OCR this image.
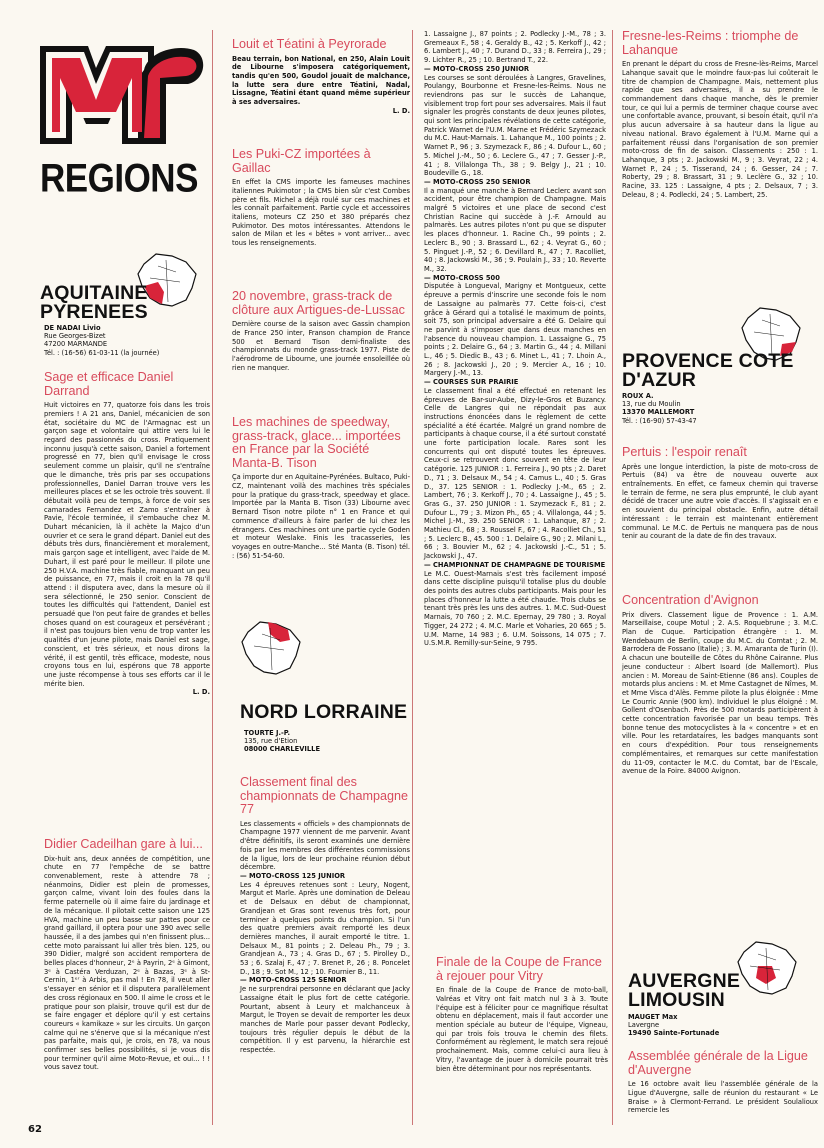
REGIONS

AQUITAINE PYRENEES

DE NADAI Livio

Rue Georges-Bizet

47200 MARMANDE

Tél. : (16-56) 61-03-11 (la journée)

Sage et efficace Daniel Darrand

Huit victoires en 77, quatorze fois dans les trois premiers ! A 21 ans, Daniel, mécanicien de son état, sociétaire du MC de l'Armagnac est un garçon sage et volontaire qui attire vers lui le regard des passionnés du cross. Pratiquement inconnu jusqu'à cette saison, Daniel a fortement progressé en 77, bien qu'il envisage le cross seulement comme un plaisir, qu'il ne s'entraîne que le dimanche, très pris par ses occupations professionnelles, Daniel Darran trouve vers les meilleures places et se les octroie très souvent. Il débutait voilà peu de temps, à force de voir ses camarades Fernandez et Zamo s'entraîner à Pavie, l'école terminée, il s'embauche chez M. Duhart mécanicien, là il achète la Majco d'un ouvrier et ce sera le grand départ. Daniel eut des débuts très durs, financièrement et moralement, mais garçon sage et intelligent, avec l'aide de M. Duhart, il est paré pour le meilleur. Il pilote une 250 H.V.A. machine très fiable, manquant un peu de puissance, en 77, mais il croit en la 78 qu'il attend : il disputera avec, dans la mesure où il sera sélectionné, le 250 senior. Conscient de toutes les difficultés qui l'attendent, Daniel est persuadé que l'on peut faire de grandes et belles choses quand on est courageux et persévérant ; il n'est pas toujours bien venu de trop vanter les qualités d'un jeune pilote, mais Daniel est sage, conscient, et très sérieux, et nous dirons la vérité, il est gentil, très efficace, modeste, nous croyons tous en lui, espérons que 78 apporte une juste récompense à tous ses efforts car il le mérite bien.

L. D.

Didier Cadeilhan gare à lui...

Dix-huit ans, deux années de compétition, une chute en 77 l'empêche de se battre convenablement, reste à attendre 78 ; néanmoins, Didier est plein de promesses, garçon calme, vivant loin des foules dans la ferme paternelle où il aime faire du jardinage et de la mécanique. Il pilotait cette saison une 125 HVA, machine un peu basse sur pattes pour ce grand gaillard, il optera pour une 390 avec selle haussée, il a des jambes qui n'en finissent plus... cette moto paraissant lui aller très bien. 125, ou 390 Didier, malgré son accident remportera de belles places d'honneur, 2ᵉ à Payrin, 2ᵉ à Gimont, 3ᵉ à Castéra Verduzan, 2ᵉ à Bazas, 3ᵉ à St-Cernin, 1ᵉʳ à Arbis, pas mal ! En 78, il veut aller s'essayer en sénior et il disputera parallèlement des cross régionaux en 500. Il aime le cross et le pratique pour son plaisir, trouve qu'il est dur de se faire engager et déplore qu'il y est certains coureurs « kamikaze » sur les circuits. Un garçon calme qui ne s'énerve que si la mécanique n'est pas parfaite, mais qui, je crois, en 78, va nous confirmer ses belles possibilités, si je vous dis pour terminer qu'il aime Moto-Revue, et oui... ! ! vous savez tout.

Louit et Téatini à Peyrorade

Beau terrain, bon National, en 250, Alain Louit de Libourne s'imposera catégoriquement, tandis qu'en 500, Goudol jouait de malchance, la lutte sera dure entre Téatini, Nadal, Lissagne, Téatini étant quand même supérieur à ses adversaires.

L. D.

Les Puki-CZ importées à Gaillac

En effet la CMS importe les fameuses machines italiennes Pukimotor ; la CMS bien sûr c'est Combes père et fils. Michel a déjà roulé sur ces machines et les connaît parfaitement. Partie cycle et accessoires italiens, moteurs CZ 250 et 380 préparés chez Pukimotor. Des motos intéressantes. Attendons le salon de Milan et les « bêtes » vont arriver... avec tous les renseignements.

20 novembre, grass-track de clôture aux Artigues-de-Lussac

Dernière course de la saison avec Gassin champion de France 250 inter, Franson champion de France 500 et Bernard Tison demi-finaliste des championnats du monde grass-track 1977. Piste de l'aérodrome de Libourne, une journée ensoleillée où rien ne manquer.

Les machines de speedway, grass-track, glace... importées en France par la Société Manta-B. Tison

Ça importe dur en Aquitaine-Pyrénées. Bultaco, Puki-CZ, maintenant voilà des machines très spéciales pour la pratique du grass-track, speedway et glace. Importée par la Manta B. Tison (33) Libourne avec Bernard Tison notre pilote n° 1 en France et qui commence d'ailleurs à faire parler de lui chez les étrangers. Ces machines ont une partie cycle Goden et moteur Weslake. Finis les tracasseries, les voyages en outre-Manche... Sté Manta (B. Tison) tél. : (56) 51-54-60.

NORD LORRAINE

TOURTE J.-P.

135, rue d'Etion

08000 CHARLEVILLE

Classement final des championnats de Champagne 77

Les classements « officiels » des championnats de Champagne 1977 viennent de me parvenir. Avant d'être définitifs, ils seront examinés une dernière fois par les membres des différentes commissions de la ligue, lors de leur prochaine réunion début décembre.

— MOTO-CROSS 125 JUNIOR

Les 4 épreuves retenues sont : Leury, Nogent, Margut et Marle. Après une domination de Deleau et de Delsaux en début de championnat, Grandjean et Gras sont revenus très fort, pour terminer à quelques points du champion. Si l'un des quatre premiers avait remporté les deux dernières manches, il aurait emporté le titre. 1. Delsaux M., 81 points ; 2. Deleau Ph., 79 ; 3. Grandjean A., 73 ; 4. Gras D., 67 ; 5. Pirolley D., 53 ; 6. Szalaj F., 47 ; 7. Brenet P., 26 ; 8. Poncelet D., 18 ; 9. Sot M., 12 ; 10. Fournier B., 11.

— MOTO-CROSS 125 SENIOR

Je ne surprendrai personne en déclarant que Jacky Lassaigne était le plus fort de cette catégorie. Pourtant, absent à Leury et malchanceux à Margut, le Troyen se devait de remporter les deux manches de Marle pour passer devant Podlecky, toujours très régulier depuis le début de la compétition. Il y est parvenu, la hiérarchie est respectée.

1. Lassaigne J., 87 points ; 2. Podlecky J.-M., 78 ; 3. Gremeaux F., 58 ; 4. Geraldy B., 42 ; 5. Kerkoff J., 42 ; 6. Lambert J., 40 ; 7. Durand D., 33 ; 8. Ferreira J., 29 ; 9. Lichter R., 25 ; 10. Bertrand T., 22.

— MOTO-CROSS 250 JUNIOR

Les courses se sont déroulées à Langres, Gravelines, Poulangy, Bourbonne et Fresne-les-Reims. Nous ne reviendrons pas sur le succès de Lahanque, visiblement trop fort pour ses adversaires. Mais il faut signaler les progrès constants de deux jeunes pilotes, qui sont les principales révélations de cette catégorie, Patrick Warnet de l'U.M. Marne et Frédéric Szymezack du M.C. Haut-Marnais. 1. Lahanque M., 100 points ; 2. Warnet P., 96 ; 3. Szymezack F., 86 ; 4. Dufour L., 60 ; 5. Michel J.-M., 50 ; 6. Leclere G., 47 ; 7. Gesser J.-P., 41 ; 8. Villalonga Th., 38 ; 9. Belgy J., 21 ; 10. Boudeville G., 18.

— MOTO-CROSS 250 SENIOR

Il a manqué une manche à Bernard Leclerc avant son accident, pour être champion de Champagne. Mais malgré 5 victoires et une place de second c'est Christian Racine qui succède à J.-F. Arnould au palmarès. Les autres pilotes n'ont pu que se disputer les places d'honneur. 1. Racine Ch., 99 points ; 2. Leclerc B., 90 ; 3. Brassard L., 62 ; 4. Veyrat G., 60 ; 5. Pinguet J.-P., 52 ; 6. Devillard R., 47 ; 7. Racolliet, 40 ; 8. Jackowski M., 36 ; 9. Poulain J., 33 ; 10. Reverte M., 32.

— MOTO-CROSS 500

Disputée à Longueval, Marigny et Montgueux, cette épreuve a permis d'inscrire une seconde fois le nom de Lassaigne au palmarès 77. Cette fois-ci, c'est grâce à Gérard qui a totalisé le maximum de points, soit 75, son principal adversaire a été G. Delaire qui ne parvint à s'imposer que dans deux manches en l'absence du nouveau champion. 1. Lassaigne G., 75 points ; 2. Delaire G., 64 ; 3. Martin G., 44 ; 4. Millani L., 46 ; 5. Diedic B., 43 ; 6. Minet L., 41 ; 7. Lhoin A., 26 ; 8. Jackowski J., 20 ; 9. Mercier A., 16 ; 10. Margery J.-M., 13.

— COURSES SUR PRAIRIE

Le classement final a été effectué en retenant les épreuves de Bar-sur-Aube, Dizy-le-Gros et Buzancy. Celle de Langres qui ne répondait pas aux instructions énoncées dans le règlement de cette spécialité a été écartée. Malgré un grand nombre de participants à chaque course, il a été surtout constaté une forte participation locale. Rares sont les concurrents qui ont disputé toutes les épreuves. Ceux-ci se retrouvent donc souvent en tête de leur catégorie. 125 JUNIOR : 1. Ferreira J., 90 pts ; 2. Daret D., 71 ; 3. Delsaux M., 54 ; 4. Camus L., 40 ; 5. Gras D., 37. 125 SENIOR : 1. Podlecky J.-M., 65 ; 2. Lambert, 76 ; 3. Kerkoff J., 70 ; 4. Lassaigne J., 45 ; 5. Gras G., 37. 250 JUNIOR : 1. Szymezack F., 81 ; 2. Dufour L., 79 ; 3. Mizon Ph., 65 ; 4. Villalonga, 44 ; 5. Michel J.-M., 39. 250 SENIOR : 1. Lahanque, 87 ; 2. Mathieu Cl., 68 ; 3. Roussel F., 67 ; 4. Racolliet Ch., 51 ; 5. Leclerc B., 45. 500 : 1. Delaire G., 90 ; 2. Milani L., 66 ; 3. Bouvier M., 62 ; 4. Jackowski J.-C., 51 ; 5. Jackowski J., 47.

— CHAMPIONNAT DE CHAMPAGNE DE TOURISME

Le M.C. Ouest-Marnais s'est très facilement imposé dans cette discipline puisqu'il totalise plus du double des points des autres clubs participants. Mais pour les places d'honneur la lutte a été chaude. Trois clubs se tenant très près les uns des autres. 1. M.C. Sud-Ouest Marnais, 70 760 ; 2. M.C. Epernay, 29 780 ; 3. Royal Tigger, 24 272 ; 4. M.C. Marle et Voharies, 20 665 ; 5. U.M. Marne, 14 983 ; 6. U.M. Soissons, 14 075 ; 7. U.S.M.R. Remilly-sur-Seine, 9 795.

Finale de la Coupe de France à rejouer pour Vitry

En finale de la Coupe de France de moto-ball, Valréas et Vitry ont fait match nul 3 à 3. Toute l'équipe est à féliciter pour ce magnifique résultat obtenu en déplacement, mais il faut accorder une mention spéciale au buteur de l'équipe, Vigneau, qui par trois fois trouva le chemin des filets. Conformément au règlement, le match sera rejoué prochainement. Mais, comme celui-ci aura lieu à Vitry, l'avantage de jouer à domicile pourrait très bien être déterminant pour nos représentants.

Fresne-les-Reims : triomphe de Lahanque

En prenant le départ du cross de Fresne-lès-Reims, Marcel Lahanque savait que le moindre faux-pas lui coûterait le titre de champion de Champagne. Mais, nettement plus rapide que ses adversaires, il a su prendre le commandement dans chaque manche, dès le premier tour, ce qui lui a permis de terminer chaque course avec une confortable avance, prouvant, si besoin était, qu'il n'a plus aucun adversaire à sa hauteur dans la ligue au niveau national. Bravo également à l'U.M. Marne qui a parfaitement réussi dans l'organisation de son premier moto-cross de fin de saison. Classements : 250 : 1. Lahanque, 3 pts ; 2. Jackowski M., 9 ; 3. Veyrat, 22 ; 4. Warnet P., 24 ; 5. Tisserand, 24 ; 6. Gesser, 24 ; 7. Roberty, 29 ; 8. Brassart, 31 ; 9. Leclère G., 32 ; 10. Racine, 33. 125 : Lassaigne, 4 pts ; 2. Delsaux, 7 ; 3. Deleau, 8 ; 4. Podlecki, 24 ; 5. Lambert, 25.

PROVENCE COTE D'AZUR

ROUX A.

13, rue du Moulin

13370 MALLEMORT

Tél. : (16-90) 57-43-47

Pertuis : l'espoir renaît

Après une longue interdiction, la piste de moto-cross de Pertuis (84) va être de nouveau ouverte aux entraînements. En effet, ce fameux chemin qui traverse le terrain de ferme, ne sera plus emprunté, le club ayant décidé de tracer une autre voie d'accès. Il s'agissait en e en souvient du principal obstacle. Enfin, autre détail intéressant : le terrain est maintenant entièrement communal. Le M.C. de Pertuis ne manquera pas de nous tenir au courant de la date de fin des travaux.

Concentration d'Avignon

Prix divers. Classement ligue de Provence : 1. A.M. Marseillaise, coupe Motul ; 2. A.S. Roquebrune ; 3. M.C. Plan de Cuque. Participation étrangère : 1. M. Wendebaum de Berlin, coupe du M.C. du Comtat ; 2. M. Barrodera de Fossano (Italie) ; 3. M. Amaranta de Turin (I). A chacun une bouteille de Côtes du Rhône Cairanne. Plus jeune conducteur : Albert Isoard (de Mallemort). Plus ancien : M. Moreau de Saint-Etienne (86 ans). Couples de motards plus anciens : M. et Mme Castagnet de Nîmes, M. et Mme Visca d'Alès. Femme pilote la plus éloignée : Mme Le Courric Annie (900 km). Individuel le plus éloigné : M. Gollent d'Osenbach. Près de 500 motards participèrent à cette concentration favorisée par un beau temps. Très bonne tenue des motocyclistes à la « concentre » et en ville. Pour les retardataires, les badges manquants sont en cours d'expédition. Pour tous renseignements complémentaires, et remarques sur cette manifestation du 11-09, contacter le M.C. du Comtat, bar de l'Escale, avenue de la Foire. 84000 Avignon.

AUVERGNE LIMOUSIN

MAUGET Max

Lavergne

19490 Sainte-Fortunade

Assemblée générale de la Ligue d'Auvergne

Le 16 octobre avait lieu l'assemblée générale de la Ligue d'Auvergne, salle de réunion du restaurant « Le Braise » à Clermont-Ferrand. Le président Soulalioux remercie les

62
